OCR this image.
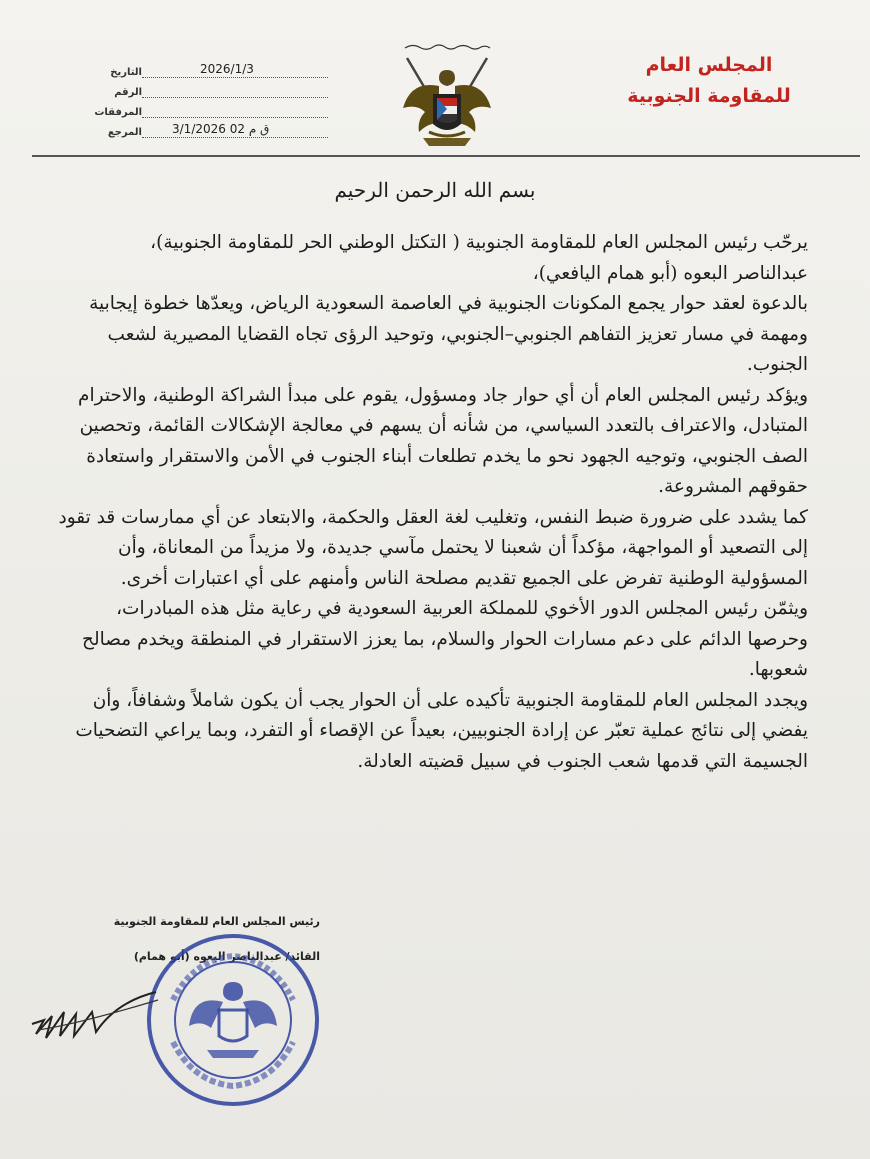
المجلس العام للمقاومة الجنوبية
2026/1/3
التاريخ
الرقم
المرفقات
3/1/2026 ق م 02
المرجع
بسم الله الرحمن الرحيم

يرحّب رئيس المجلس العام للمقاومة الجنوبية ( التكتل الوطني الحر للمقاومة الجنوبية)،

عبدالناصر البعوه (أبو همام اليافعي)،

بالدعوة لعقد حوار يجمع المكونات الجنوبية في العاصمة السعودية الرياض، ويعدّها خطوة إيجابية ومهمة في مسار تعزيز التفاهم الجنوبي–الجنوبي، وتوحيد الرؤى تجاه القضايا المصيرية لشعب الجنوب.

ويؤكد رئيس المجلس العام أن أي حوار جاد ومسؤول، يقوم على مبدأ الشراكة الوطنية، والاحترام المتبادل، والاعتراف بالتعدد السياسي، من شأنه أن يسهم في معالجة الإشكالات القائمة، وتحصين الصف الجنوبي، وتوجيه الجهود نحو ما يخدم تطلعات أبناء الجنوب في الأمن والاستقرار واستعادة حقوقهم المشروعة.

كما يشدد على ضرورة ضبط النفس، وتغليب لغة العقل والحكمة، والابتعاد عن أي ممارسات قد تقود إلى التصعيد أو المواجهة، مؤكداً أن شعبنا لا يحتمل مآسي جديدة، ولا مزيداً من المعاناة، وأن المسؤولية الوطنية تفرض على الجميع تقديم مصلحة الناس وأمنهم على أي اعتبارات أخرى.

ويثمّن رئيس المجلس الدور الأخوي للمملكة العربية السعودية في رعاية مثل هذه المبادرات، وحرصها الدائم على دعم مسارات الحوار والسلام، بما يعزز الاستقرار في المنطقة ويخدم مصالح شعوبها.

ويجدد المجلس العام للمقاومة الجنوبية تأكيده على أن الحوار يجب أن يكون شاملاً وشفافاً، وأن يفضي إلى نتائج عملية تعبّر عن إرادة الجنوبيين، بعيداً عن الإقصاء أو التفرد، وبما يراعي التضحيات الجسيمة التي قدمها شعب الجنوب في سبيل قضيته العادلة.

رئيس المجلس العام للمقاومة الجنوبية
القائد/ عبدالناصر البعوه (أبو همام)
